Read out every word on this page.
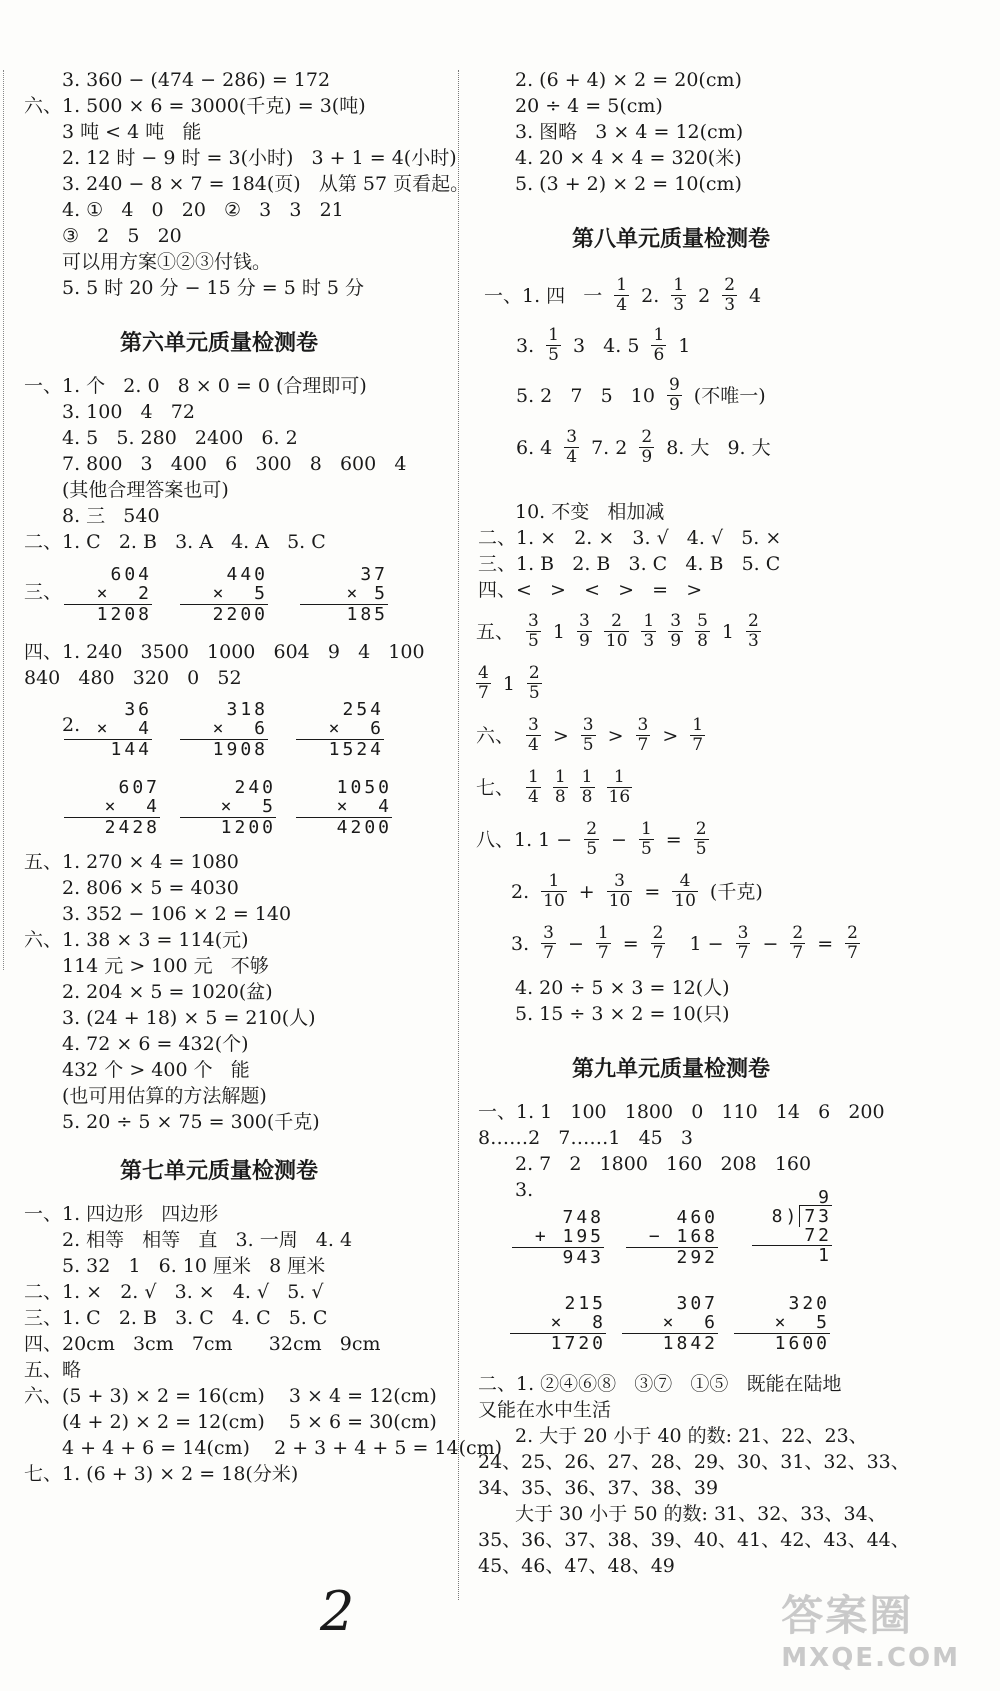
2	答案圈
MXQE.COM
3. 360 − (474 − 286) = 172
六、1. 500 × 6 = 3000(千克) = 3(吨)
3 吨 < 4 吨   能
2. 12 时 − 9 时 = 3(小时)   3 + 1 = 4(小时)
3. 240 − 8 × 7 = 184(页)   从第 57 页看起。
4. ①   4   0   20   ②   3   3   21
③   2   5   20
可以用方案①②③付钱。
5. 5 时 20 分 − 15 分 = 5 时 5 分
第六单元质量检测卷
一、1. 个   2. 0   8 × 0 = 0 (合理即可)
3. 100   4   72
4. 5   5. 280   2400   6. 2
7. 800   3   400   6   300   8   600   4
(其他合理答案也可)
8. 三   540
二、1. C   2. B   3. A   4. A   5. C
三、
604
×  2
1208
440
×  5
2200
37
× 5
185
四、1. 240   3500   1000   604   9   4   100
840   480   320   0   52
2.
36
×  4
144
318
×  6
1908
254
×  6
1524
607
×  4
2428
240
×  5
1200
1050
×  4
4200
五、1. 270 × 4 = 1080
2. 806 × 5 = 4030
3. 352 − 106 × 2 = 140
六、1. 38 × 3 = 114(元)
114 元 > 100 元   不够
2. 204 × 5 = 1020(盆)
3. (24 + 18) × 5 = 210(人)
4. 72 × 6 = 432(个)
432 个 > 400 个   能
(也可用估算的方法解题)
5. 20 ÷ 5 × 75 = 300(千克)
第七单元质量检测卷
一、1. 四边形   四边形
2. 相等   相等   直   3. 一周   4. 4
5. 32   1   6. 10 厘米   8 厘米
二、1. ×   2. √   3. ×   4. √   5. √
三、1. C   2. B   3. C   4. C   5. C
四、20cm   3cm   7cm      32cm   9cm
五、略
六、(5 + 3) × 2 = 16(cm)    3 × 4 = 12(cm)
(4 + 2) × 2 = 12(cm)    5 × 6 = 30(cm)
4 + 4 + 6 = 14(cm)    2 + 3 + 4 + 5 = 14(cm)
七、1. (6 + 3) × 2 = 18(分米)
2. (6 + 4) × 2 = 20(cm)
20 ÷ 4 = 5(cm)
3. 图略   3 × 4 = 12(cm)
4. 20 × 4 × 4 = 320(米)
5. (3 + 2) × 2 = 10(cm)
第八单元质量检测卷
一、1. 四   一 $\frac{1}{4} 2$. $\frac{1}{3} 2 \frac{2}{3} 4$
3. $\frac{1}{5} 3$   4. $5 \frac{1}{6} 1$
5. 2   7   5   $10 \frac{9}{9}$ (不唯一)
6. $4 \frac{3}{4} 7$. $2 \frac{2}{9} 8$. 大   9. 大
10. 不变   相加减
二、1. ×   2. ×   3. √   4. √   5. ×
三、1. B   2. B   3. C   4. B   5. C
四、<   >   <   >   =   >
五、 $\frac{3}{5} 1 \frac{3}{9} \frac{2}{10} \frac{1}{3} \frac{3}{9} \frac{5}{8} 1 \frac{2}{3}$
$\frac{4}{7} 1 \frac{2}{5}$
六、 $\frac{3}{4} > \frac{3}{5} > \frac{3}{7} > \frac{1}{7}$
七、 $\frac{1}{4} \frac{1}{8} \frac{1}{8} \frac{1}{16}$
八、1. $1 - \frac{2}{5} - \frac{1}{5} = \frac{2}{5}$
2. $\frac{1}{10} + \frac{3}{10} = \frac{4}{10}$ (千克)
3. $\frac{3}{7} - \frac{1}{7} = \frac{2}{7} 1 - \frac{3}{7} - \frac{2}{7} = \frac{2}{7}$
4. 20 ÷ 5 × 3 = 12(人)
5. 15 ÷ 3 × 2 = 10(只)
第九单元质量检测卷
一、1. 1   100   1800   0   110   14   6   200
8……2   7……1   45   3
2. 7   2   1800   160   208   160
3.
748
+ 195
943
460
− 168
292
9
8) 73
72
1
215
×  8
1720
307
×  6
1842
320
×  5
1600
二、1. ②④⑥⑧   ③⑦   ①⑤   既能在陆地
又能在水中生活
2. 大于 20 小于 40 的数: 21、22、23、
24、25、26、27、28、29、30、31、32、33、
34、35、36、37、38、39
大于 30 小于 50 的数: 31、32、33、34、
35、36、37、38、39、40、41、42、43、44、
45、46、47、48、49
